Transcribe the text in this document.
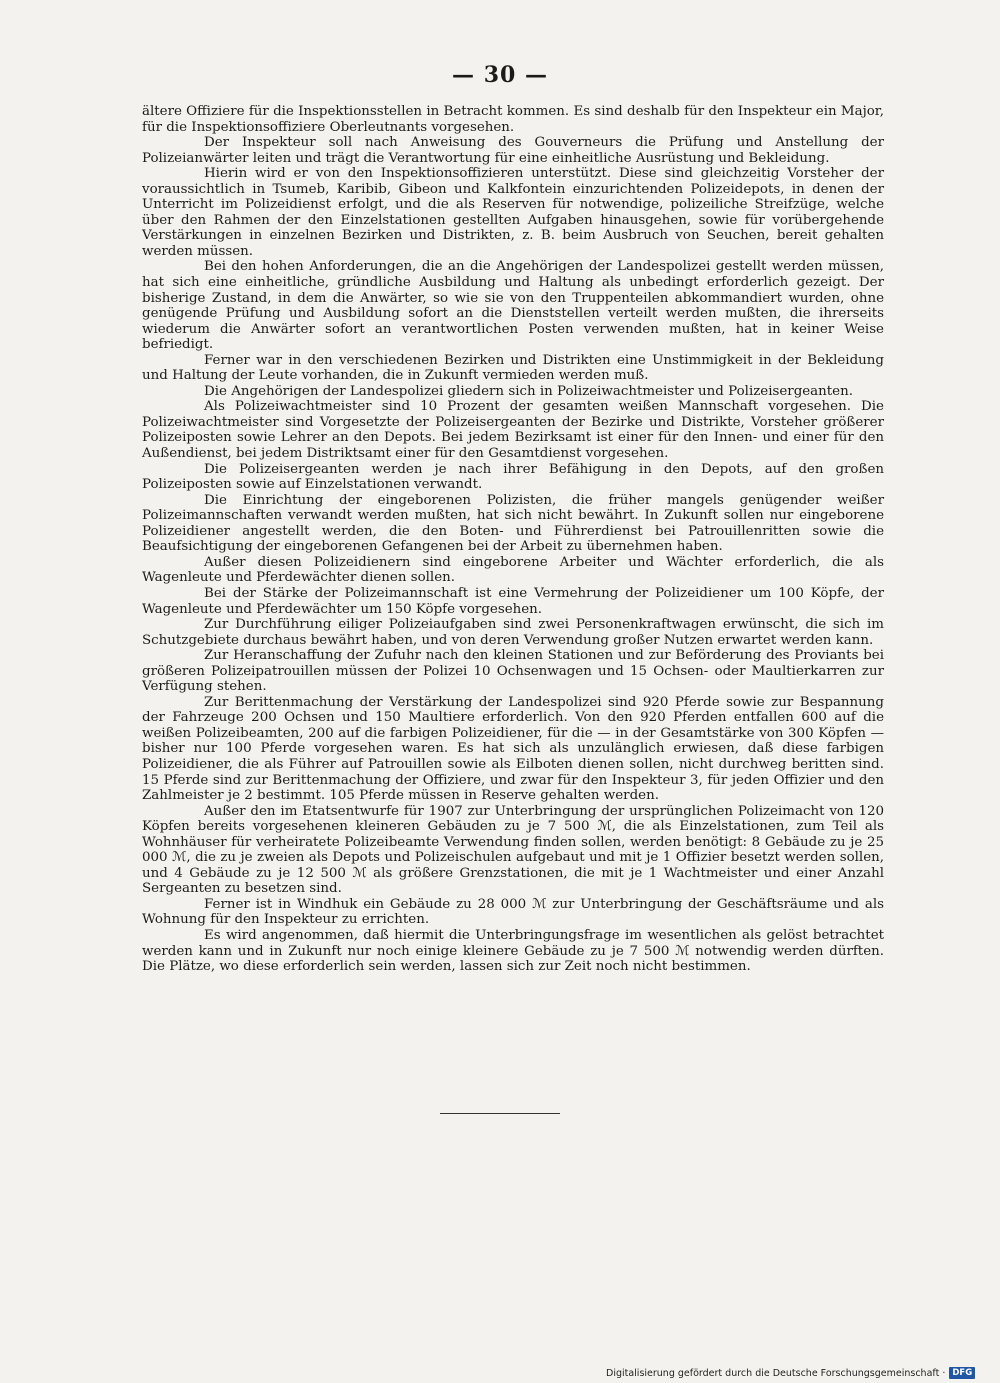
— 30 —

ältere Offiziere für die Inspektionsstellen in Betracht kommen. Es sind deshalb für den Inspekteur ein Major, für die Inspektionsoffiziere Oberleutnants vorgesehen.

Der Inspekteur soll nach Anweisung des Gouverneurs die Prüfung und Anstellung der Polizeianwärter leiten und trägt die Verantwortung für eine einheitliche Ausrüstung und Bekleidung.

Hierin wird er von den Inspektionsoffizieren unterstützt. Diese sind gleichzeitig Vorsteher der voraussichtlich in Tsumeb, Karibib, Gibeon und Kalkfontein einzurichtenden Polizeidepots, in denen der Unterricht im Polizeidienst erfolgt, und die als Reserven für notwendige, polizeiliche Streifzüge, welche über den Rahmen der den Einzelstationen gestellten Aufgaben hinausgehen, sowie für vorübergehende Verstärkungen in einzelnen Bezirken und Distrikten, z. B. beim Ausbruch von Seuchen, bereit gehalten werden müssen.

Bei den hohen Anforderungen, die an die Angehörigen der Landespolizei gestellt werden müssen, hat sich eine einheitliche, gründliche Ausbildung und Haltung als unbedingt erforderlich gezeigt. Der bisherige Zustand, in dem die Anwärter, so wie sie von den Truppenteilen abkommandiert wurden, ohne genügende Prüfung und Ausbildung sofort an die Dienststellen verteilt werden mußten, die ihrerseits wiederum die Anwärter sofort an verantwortlichen Posten verwenden mußten, hat in keiner Weise befriedigt.

Ferner war in den verschiedenen Bezirken und Distrikten eine Unstimmigkeit in der Bekleidung und Haltung der Leute vorhanden, die in Zukunft vermieden werden muß.

Die Angehörigen der Landespolizei gliedern sich in Polizeiwachtmeister und Polizeisergeanten.

Als Polizeiwachtmeister sind 10 Prozent der gesamten weißen Mannschaft vorgesehen. Die Polizeiwachtmeister sind Vorgesetzte der Polizeisergeanten der Bezirke und Distrikte, Vorsteher größerer Polizeiposten sowie Lehrer an den Depots. Bei jedem Bezirksamt ist einer für den Innen- und einer für den Außendienst, bei jedem Distriktsamt einer für den Gesamtdienst vorgesehen.

Die Polizeisergeanten werden je nach ihrer Befähigung in den Depots, auf den großen Polizeiposten sowie auf Einzelstationen verwandt.

Die Einrichtung der eingeborenen Polizisten, die früher mangels genügender weißer Polizeimannschaften verwandt werden mußten, hat sich nicht bewährt. In Zukunft sollen nur eingeborene Polizeidiener angestellt werden, die den Boten- und Führerdienst bei Patrouillenritten sowie die Beaufsichtigung der eingeborenen Gefangenen bei der Arbeit zu übernehmen haben.

Außer diesen Polizeidienern sind eingeborene Arbeiter und Wächter erforderlich, die als Wagenleute und Pferdewächter dienen sollen.

Bei der Stärke der Polizeimannschaft ist eine Vermehrung der Polizeidiener um 100 Köpfe, der Wagenleute und Pferdewächter um 150 Köpfe vorgesehen.

Zur Durchführung eiliger Polizeiaufgaben sind zwei Personenkraftwagen erwünscht, die sich im Schutzgebiete durchaus bewährt haben, und von deren Verwendung großer Nutzen erwartet werden kann.

Zur Heranschaffung der Zufuhr nach den kleinen Stationen und zur Beförderung des Proviants bei größeren Polizeipatrouillen müssen der Polizei 10 Ochsenwagen und 15 Ochsen- oder Maultierkarren zur Verfügung stehen.

Zur Berittenmachung der Verstärkung der Landespolizei sind 920 Pferde sowie zur Bespannung der Fahrzeuge 200 Ochsen und 150 Maultiere erforderlich. Von den 920 Pferden entfallen 600 auf die weißen Polizeibeamten, 200 auf die farbigen Polizeidiener, für die — in der Gesamtstärke von 300 Köpfen — bisher nur 100 Pferde vorgesehen waren. Es hat sich als unzulänglich erwiesen, daß diese farbigen Polizeidiener, die als Führer auf Patrouillen sowie als Eilboten dienen sollen, nicht durchweg beritten sind. 15 Pferde sind zur Berittenmachung der Offiziere, und zwar für den Inspekteur 3, für jeden Offizier und den Zahlmeister je 2 bestimmt. 105 Pferde müssen in Reserve gehalten werden.

Außer den im Etatsentwurfe für 1907 zur Unterbringung der ursprünglichen Polizeimacht von 120 Köpfen bereits vorgesehenen kleineren Gebäuden zu je 7 500 ℳ, die als Einzelstationen, zum Teil als Wohnhäuser für verheiratete Polizeibeamte Verwendung finden sollen, werden benötigt: 8 Gebäude zu je 25 000 ℳ, die zu je zweien als Depots und Polizeischulen aufgebaut und mit je 1 Offizier besetzt werden sollen, und 4 Gebäude zu je 12 500 ℳ als größere Grenzstationen, die mit je 1 Wachtmeister und einer Anzahl Sergeanten zu besetzen sind.

Ferner ist in Windhuk ein Gebäude zu 28 000 ℳ zur Unterbringung der Geschäftsräume und als Wohnung für den Inspekteur zu errichten.

Es wird angenommen, daß hiermit die Unterbringungsfrage im wesentlichen als gelöst betrachtet werden kann und in Zukunft nur noch einige kleinere Gebäude zu je 7 500 ℳ notwendig werden dürften. Die Plätze, wo diese erforderlich sein werden, lassen sich zur Zeit noch nicht bestimmen.

Digitalisierung gefördert durch die Deutsche Forschungsgemeinschaft · DFG
